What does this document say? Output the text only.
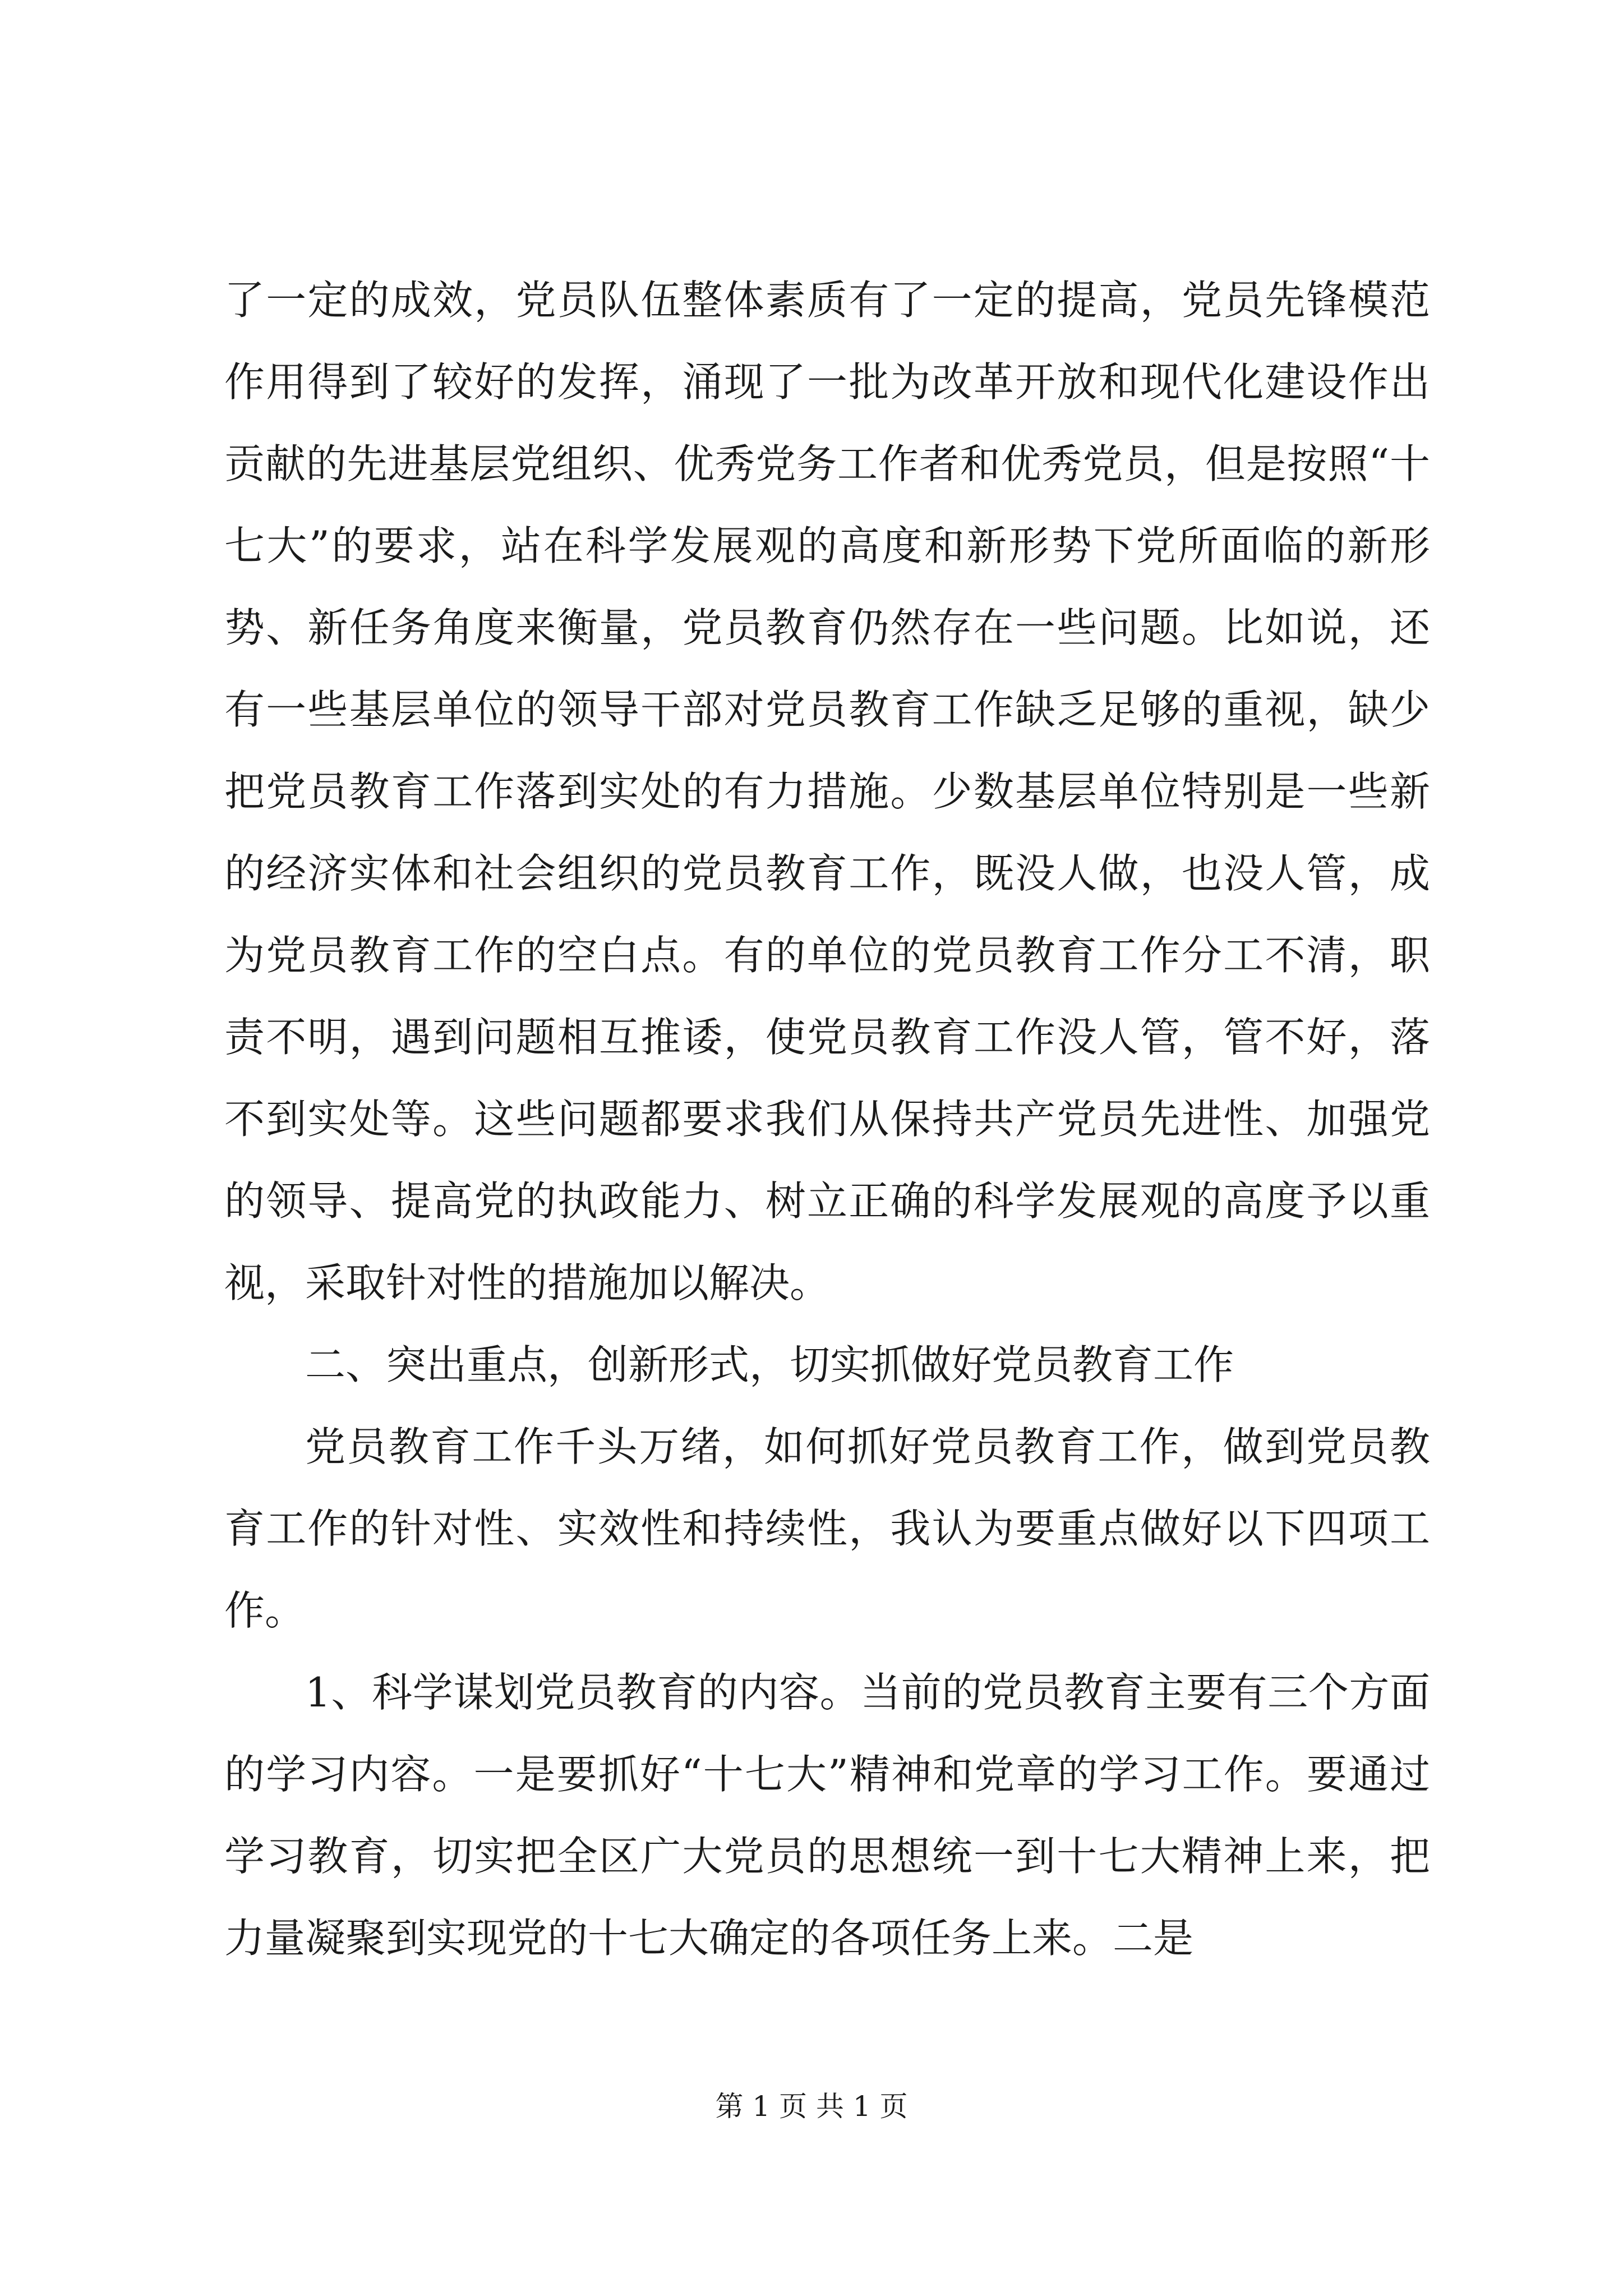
了一定的成效，党员队伍整体素质有了一定的提高，党员先锋模范作用得到了较好的发挥，涌现了一批为改革开放和现代化建设作出贡献的先进基层党组织、优秀党务工作者和优秀党员，但是按照“十七大”的要求，站在科学发展观的高度和新形势下党所面临的新形势、新任务角度来衡量，党员教育仍然存在一些问题。比如说，还有一些基层单位的领导干部对党员教育工作缺乏足够的重视，缺少把党员教育工作落到实处的有力措施。少数基层单位特别是一些新的经济实体和社会组织的党员教育工作，既没人做，也没人管，成为党员教育工作的空白点。有的单位的党员教育工作分工不清，职责不明，遇到问题相互推诿，使党员教育工作没人管，管不好，落不到实处等。这些问题都要求我们从保持共产党员先进性、加强党的领导、提高党的执政能力、树立正确的科学发展观的高度予以重视，采取针对性的措施加以解决。

二、突出重点，创新形式，切实抓做好党员教育工作

党员教育工作千头万绪，如何抓好党员教育工作，做到党员教育工作的针对性、实效性和持续性，我认为要重点做好以下四项工作。

1、科学谋划党员教育的内容。当前的党员教育主要有三个方面的学习内容。一是要抓好“十七大”精神和党章的学习工作。要通过学习教育，切实把全区广大党员的思想统一到十七大精神上来，把力量凝聚到实现党的十七大确定的各项任务上来。二是

第 1 页 共 1 页
